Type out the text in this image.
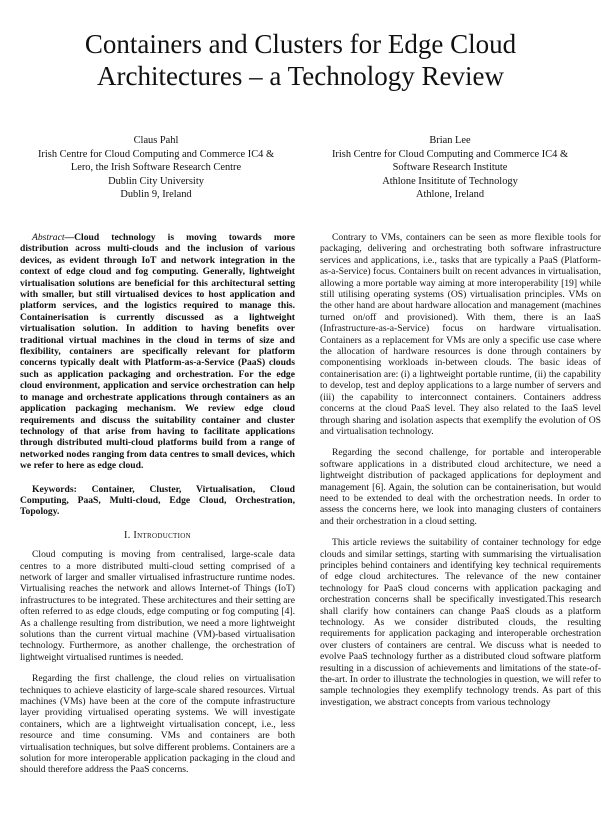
Containers and Clusters for Edge Cloud Architectures – a Technology Review
Claus Pahl
Irish Centre for Cloud Computing and Commerce IC4 &
Lero, the Irish Software Research Centre
Dublin City University
Dublin 9, Ireland
Brian Lee
Irish Centre for Cloud Computing and Commerce IC4 &
Software Research Institute
Athlone Insititute of Technology
Athlone, Ireland

Abstract—Cloud technology is moving towards more distribution across multi-clouds and the inclusion of various devices, as evident through IoT and network integration in the context of edge cloud and fog computing. Generally, lightweight virtualisation solutions are beneficial for this architectural setting with smaller, but still virtualised devices to host application and platform services, and the logistics required to manage this. Containerisation is currently discussed as a lightweight virtualisation solution. In addition to having benefits over traditional virtual machines in the cloud in terms of size and flexibility, containers are specifically relevant for platform concerns typically dealt with Platform-as-a-Service (PaaS) clouds such as application packaging and orchestration. For the edge cloud environment, application and service orchestration can help to manage and orchestrate applications through containers as an application packaging mechanism. We review edge cloud requirements and discuss the suitability container and cluster technology of that arise from having to facilitate applications through distributed multi-cloud platforms build from a range of networked nodes ranging from data centres to small devices, which we refer to here as edge cloud.

Keywords: Container, Cluster, Virtualisation, Cloud Computing, PaaS, Multi-cloud, Edge Cloud, Orchestration, Topology.

I. Introduction

Cloud computing is moving from centralised, large-scale data centres to a more distributed multi-cloud setting comprised of a network of larger and smaller virtualised infrastructure runtime nodes. Virtualising reaches the network and allows Internet-of Things (IoT) infrastructures to be integrated. These architectures and their setting are often referred to as edge clouds, edge computing or fog computing [4]. As a challenge resulting from distribution, we need a more lightweight solutions than the current virtual machine (VM)-based virtualisation technology. Furthermore, as another challenge, the orchestration of lightweight virtualised runtimes is needed.

Regarding the first challenge, the cloud relies on virtualisation techniques to achieve elasticity of large-scale shared resources. Virtual machines (VMs) have been at the core of the compute infrastructure layer providing virtualised operating systems. We will investigate containers, which are a lightweight virtualisation concept, i.e., less resource and time consuming. VMs and containers are both virtualisation techniques, but solve different problems. Containers are a solution for more interoperable application packaging in the cloud and should therefore address the PaaS concerns.

Contrary to VMs, containers can be seen as more flexible tools for packaging, delivering and orchestrating both software infrastructure services and applications, i.e., tasks that are typically a PaaS (Platform-as-a-Service) focus. Containers built on recent advances in virtualisation, allowing a more portable way aiming at more interoperability [19] while still utilising operating systems (OS) virtualisation principles. VMs on the other hand are about hardware allocation and management (machines turned on/off and provisioned). With them, there is an IaaS (Infrastructure-as-a-Service) focus on hardware virtualisation. Containers as a replacement for VMs are only a specific use case where the allocation of hardware resources is done through containers by componentising workloads in-between clouds. The basic ideas of containerisation are: (i) a lightweight portable runtime, (ii) the capability to develop, test and deploy applications to a large number of servers and (iii) the capability to interconnect containers. Containers address concerns at the cloud PaaS level. They also related to the IaaS level through sharing and isolation aspects that exemplify the evolution of OS and virtualisation technology.

Regarding the second challenge, for portable and interoperable software applications in a distributed cloud architecture, we need a lightweight distribution of packaged applications for deployment and management [6]. Again, the solution can be containerisation, but would need to be extended to deal with the orchestration needs. In order to assess the concerns here, we look into managing clusters of containers and their orchestration in a cloud setting.

This article reviews the suitability of container technology for edge clouds and similar settings, starting with summarising the virtualisation principles behind containers and identifying key technical requirements of edge cloud architectures. The relevance of the new container technology for PaaS cloud concerns with application packaging and orchestration concerns shall be specifically investigated.This research shall clarify how containers can change PaaS clouds as a platform technology. As we consider distributed clouds, the resulting requirements for application packaging and interoperable orchestration over clusters of containers are central. We discuss what is needed to evolve PaaS technology further as a distributed cloud software platform resulting in a discussion of achievements and limitations of the state-of-the-art. In order to illustrate the technologies in question, we will refer to sample technologies they exemplify technology trends. As part of this investigation, we abstract concepts from various technology
